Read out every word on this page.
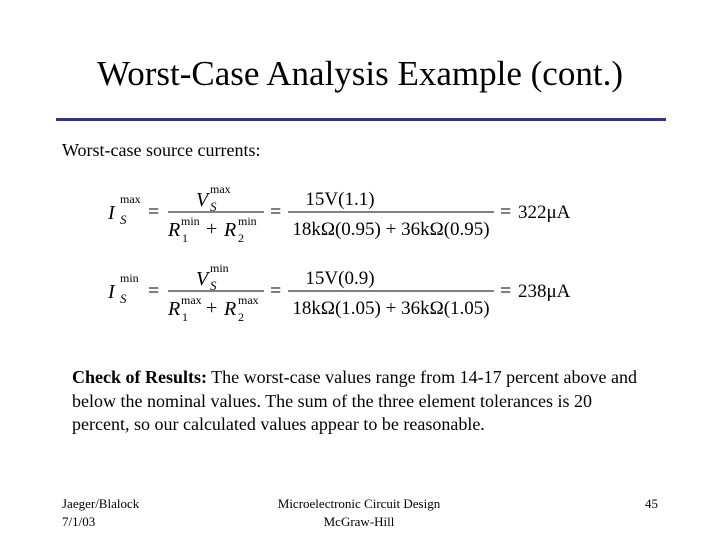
Worst-Case Analysis Example (cont.)
Worst-case source currents:
I
max
S =
V max
S
R min
1 + R min
2
=
15V(1.1)
18kΩ(0.95) + 36kΩ(0.95)
= 322μA
I
min
S =
V min
S
R max
1 + R max
2
=
15V(0.9)
18kΩ(1.05) + 36kΩ(1.05)
= 238μA
Check of Results: The worst-case values range from 14-17 percent above and below the nominal values. The sum of the three element tolerances is 20 percent, so our calculated values appear to be reasonable.
Jaeger/Blalock
7/1/03
Microelectronic Circuit Design
McGraw-Hill
45
